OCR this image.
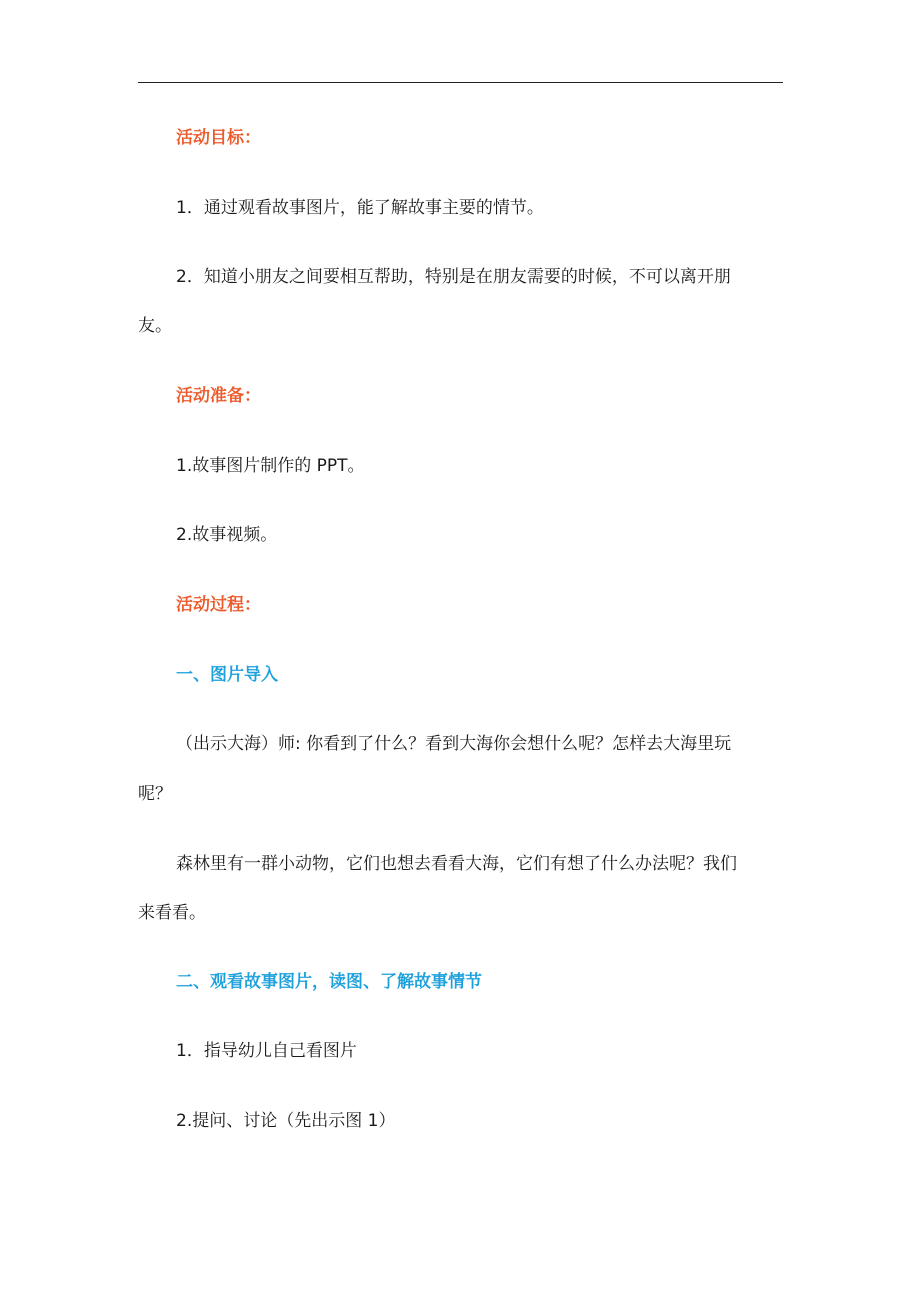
活动目标：
1．通过观看故事图片，能了解故事主要的情节。
2．知道小朋友之间要相互帮助，特别是在朋友需要的时候，不可以离开朋
友。
活动准备：
1.故事图片制作的 PPT。
2.故事视频。
活动过程：
一、图片导入
（出示大海）师: 你看到了什么？看到大海你会想什么呢？怎样去大海里玩
呢？
森林里有一群小动物，它们也想去看看大海，它们有想了什么办法呢？我们
来看看。
二、观看故事图片，读图、了解故事情节
1．指导幼儿自己看图片
2.提问、讨论（先出示图 1）
